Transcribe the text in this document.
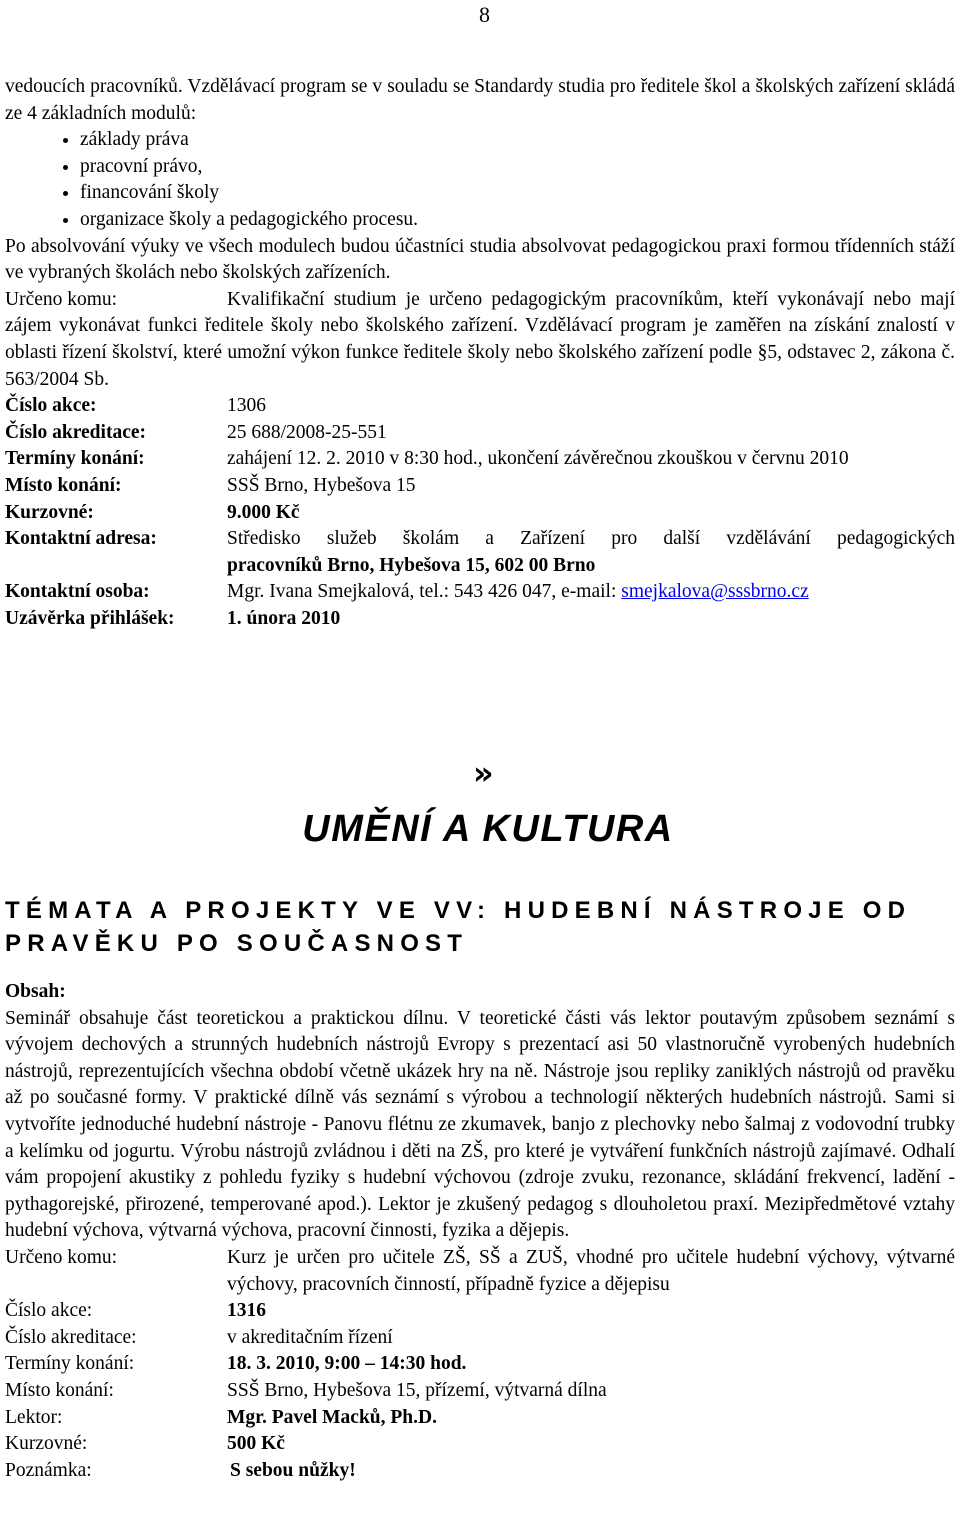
8
vedoucích pracovníků. Vzdělávací program se v souladu se Standardy studia pro ředitele škol a školských zařízení skládá ze 4 základních modulů:
• základy práva
• pracovní právo,
• financování školy
• organizace školy a pedagogického procesu.
Po absolvování výuky ve všech modulech budou účastníci studia absolvovat pedagogickou praxi formou třídenních stáží ve vybraných školách nebo školských zařízeních.
Určeno komu:	Kvalifikační studium je určeno pedagogickým pracovníkům, kteří vykonávají nebo mají zájem vykonávat funkci ředitele školy nebo školského zařízení. Vzdělávací program je zaměřen na získání znalostí v oblasti řízení školství, které umožní výkon funkce ředitele školy nebo školského zařízení podle §5, odstavec 2, zákona č. 563/2004 Sb.
Číslo akce:	1306
Číslo akreditace:	25 688/2008-25-551
Termíny konání:	zahájení 12. 2. 2010 v 8:30 hod., ukončení závěrečnou zkouškou v červnu 2010
Místo konání:	SSŠ Brno, Hybešova 15
Kurzovné:	9.000 Kč
Kontaktní adresa:	Středisko služeb školám a Zařízení pro další vzdělávání pedagogických
pracovníků Brno, Hybešova 15, 602 00 Brno
Kontaktní osoba:	Mgr. Ivana Smejkalová, tel.: 543 426 047, e-mail: smejkalova@sssbrno.cz
Uzávěrka přihlášek:	1. února 2010
»
UMĚNÍ A KULTURA
TÉMATA A PROJEKTY VE VV: HUDEBNÍ NÁSTROJE OD PRAVĚKU PO SOUČASNOST
Obsah:
Seminář obsahuje část teoretickou a praktickou dílnu. V teoretické části vás lektor poutavým způsobem seznámí s vývojem dechových a strunných hudebních nástrojů Evropy s prezentací asi 50 vlastnoručně vyrobených hudebních nástrojů, reprezentujících všechna období včetně ukázek hry na ně. Nástroje jsou repliky zaniklých nástrojů od pravěku až po současné formy. V praktické dílně vás seznámí s výrobou a technologií některých hudebních nástrojů. Sami si vytvoříte jednoduché hudební nástroje - Panovu flétnu ze zkumavek, banjo z plechovky nebo šalmaj z vodovodní trubky a kelímku od jogurtu. Výrobu nástrojů zvládnou i děti na ZŠ, pro které je vytváření funkčních nástrojů zajímavé. Odhalí vám propojení akustiky z pohledu fyziky s hudební výchovou (zdroje zvuku, rezonance, skládání frekvencí, ladění - pythagorejské, přirozené, temperované apod.). Lektor je zkušený pedagog s dlouholetou praxí. Mezipředmětové vztahy hudební výchova, výtvarná výchova, pracovní činnosti, fyzika a dějepis.
Určeno komu:	Kurz je určen pro učitele ZŠ, SŠ a ZUŠ, vhodné pro učitele hudební výchovy, výtvarné výchovy, pracovních činností, případně fyzice a dějepisu
Číslo akce:	1316
Číslo akreditace:	v akreditačním řízení
Termíny konání:	18. 3. 2010, 9:00 – 14:30 hod.
Místo konání:	SSŠ Brno, Hybešova 15, přízemí, výtvarná dílna
Lektor:	Mgr. Pavel Macků, Ph.D.
Kurzovné:	500 Kč
Poznámka:	S sebou nůžky!
